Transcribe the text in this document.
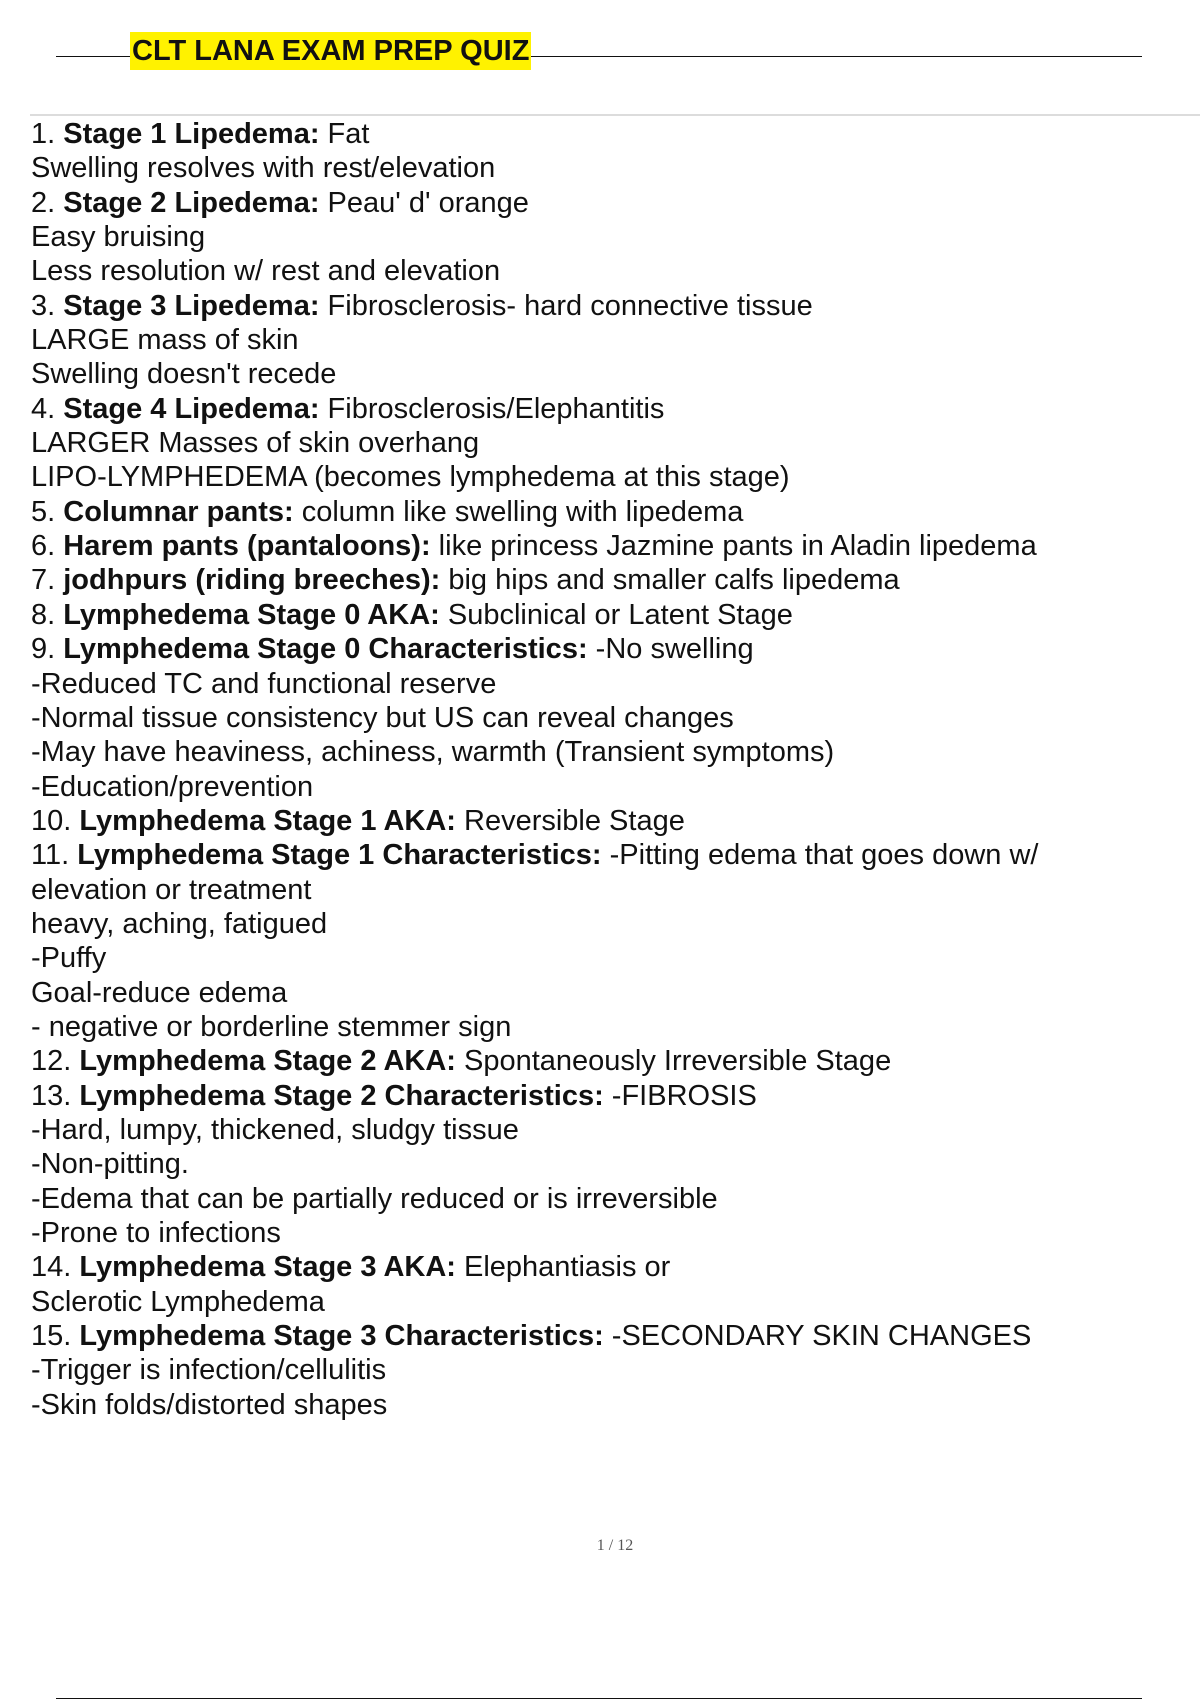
CLT LANA EXAM PREP QUIZ
1. Stage 1 Lipedema: Fat
Swelling resolves with rest/elevation
2. Stage 2 Lipedema: Peau' d' orange
Easy bruising
Less resolution w/ rest and elevation
3. Stage 3 Lipedema: Fibrosclerosis- hard connective tissue
LARGE mass of skin
Swelling doesn't recede
4. Stage 4 Lipedema: Fibrosclerosis/Elephantitis
LARGER Masses of skin overhang
LIPO-LYMPHEDEMA (becomes lymphedema at this stage)
5. Columnar pants: column like swelling with lipedema
6. Harem pants (pantaloons): like princess Jazmine pants in Aladin lipedema
7. jodhpurs (riding breeches): big hips and smaller calfs lipedema
8. Lymphedema Stage 0 AKA: Subclinical or Latent Stage
9. Lymphedema Stage 0 Characteristics: -No swelling
-Reduced TC and functional reserve
-Normal tissue consistency but US can reveal changes
-May have heaviness, achiness, warmth (Transient symptoms)
-Education/prevention
10. Lymphedema Stage 1 AKA: Reversible Stage
11. Lymphedema Stage 1 Characteristics: -Pitting edema that goes down w/
elevation or treatment
heavy, aching, fatigued
-Puffy
Goal-reduce edema
- negative or borderline stemmer sign
12. Lymphedema Stage 2 AKA: Spontaneously Irreversible Stage
13. Lymphedema Stage 2 Characteristics: -FIBROSIS
-Hard, lumpy, thickened, sludgy tissue
-Non-pitting.
-Edema that can be partially reduced or is irreversible
-Prone to infections
14. Lymphedema Stage 3 AKA: Elephantiasis or
Sclerotic Lymphedema
15. Lymphedema Stage 3 Characteristics: -SECONDARY SKIN CHANGES
-Trigger is infection/cellulitis
-Skin folds/distorted shapes
1 / 12
